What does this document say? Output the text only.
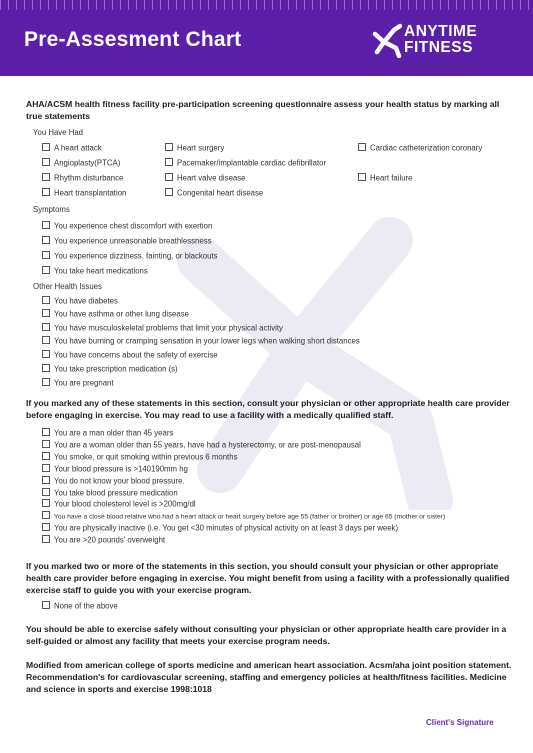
Pre-Assesment Chart	ANYTIME
FITNESS
AHA/ACSM health fitness facility pre-participation screening questionnaire assess your health status by marking all true statements
You Have Had
A heart attack	Heart surgery	Cardiac catheterization coronary
Angioplasty(PTCA)	Pacemaker/implantable cardiac defibrillator
Rhythm disturbance	Heart valve disease	Heart failure
Heart transplantation	Congenital heart disease
Symptoms
You experience chest discomfort with exertion
You experience unreasonable breathlessness
You experience dizziness, fainting, or blackouts
You take heart medications
Other Health Issues
You have diabetes
You have asthma or other lung disease
You have musculoskeletal problems that limit your physical activity
You have burning or cramping sensation in your lower legs when walking short distances
You have concerns about the safety of exercise
You take prescription medication (s)
You are pregnant
If you marked any of these statements in this section, consult your physician or other appropriate health care provider before engaging in exercise. You may read to use a facility with a medically qualified staff.
You are a man older than 45 years
You are a woman older than 55 years, have had a hysterectomy, or are post-menopausal
You smoke, or quit smoking within previous 6 months
Your blood pressure is >140190mm hg
You do not know your blood pressure.
You take blood pressure medication
Your blood cholesterol level is >200mg/dl
You have a close blood relative who had a heart attack or heart surgery before age 55 (father or brother) or age 65 (mother or sister)
You are physically inactive (i.e. You get <30 minutes of physical activity on at least 3 days per week)
You are >20 pounds' overweight
If you marked two or more of the statements in this section, you should consult your physician or other appropriate health care provider before engaging in exercise. You might benefit from using a facility with a professionally qualified exercise staff to guide you with your exercise program.
None of the above
You should be able to exercise safely without consulting your physician or other appropriate health care provider in a self-guided or almost any facility that meets your exercise program needs.
Modified from american college of sports medicine and american heart association. Acsm/aha joint position statement. Recommendation's for cardiovascular screening, staffing and emergency policies at health/fitness facilities. Medicine and science in sports and exercise 1998:1018
Client's Signature
